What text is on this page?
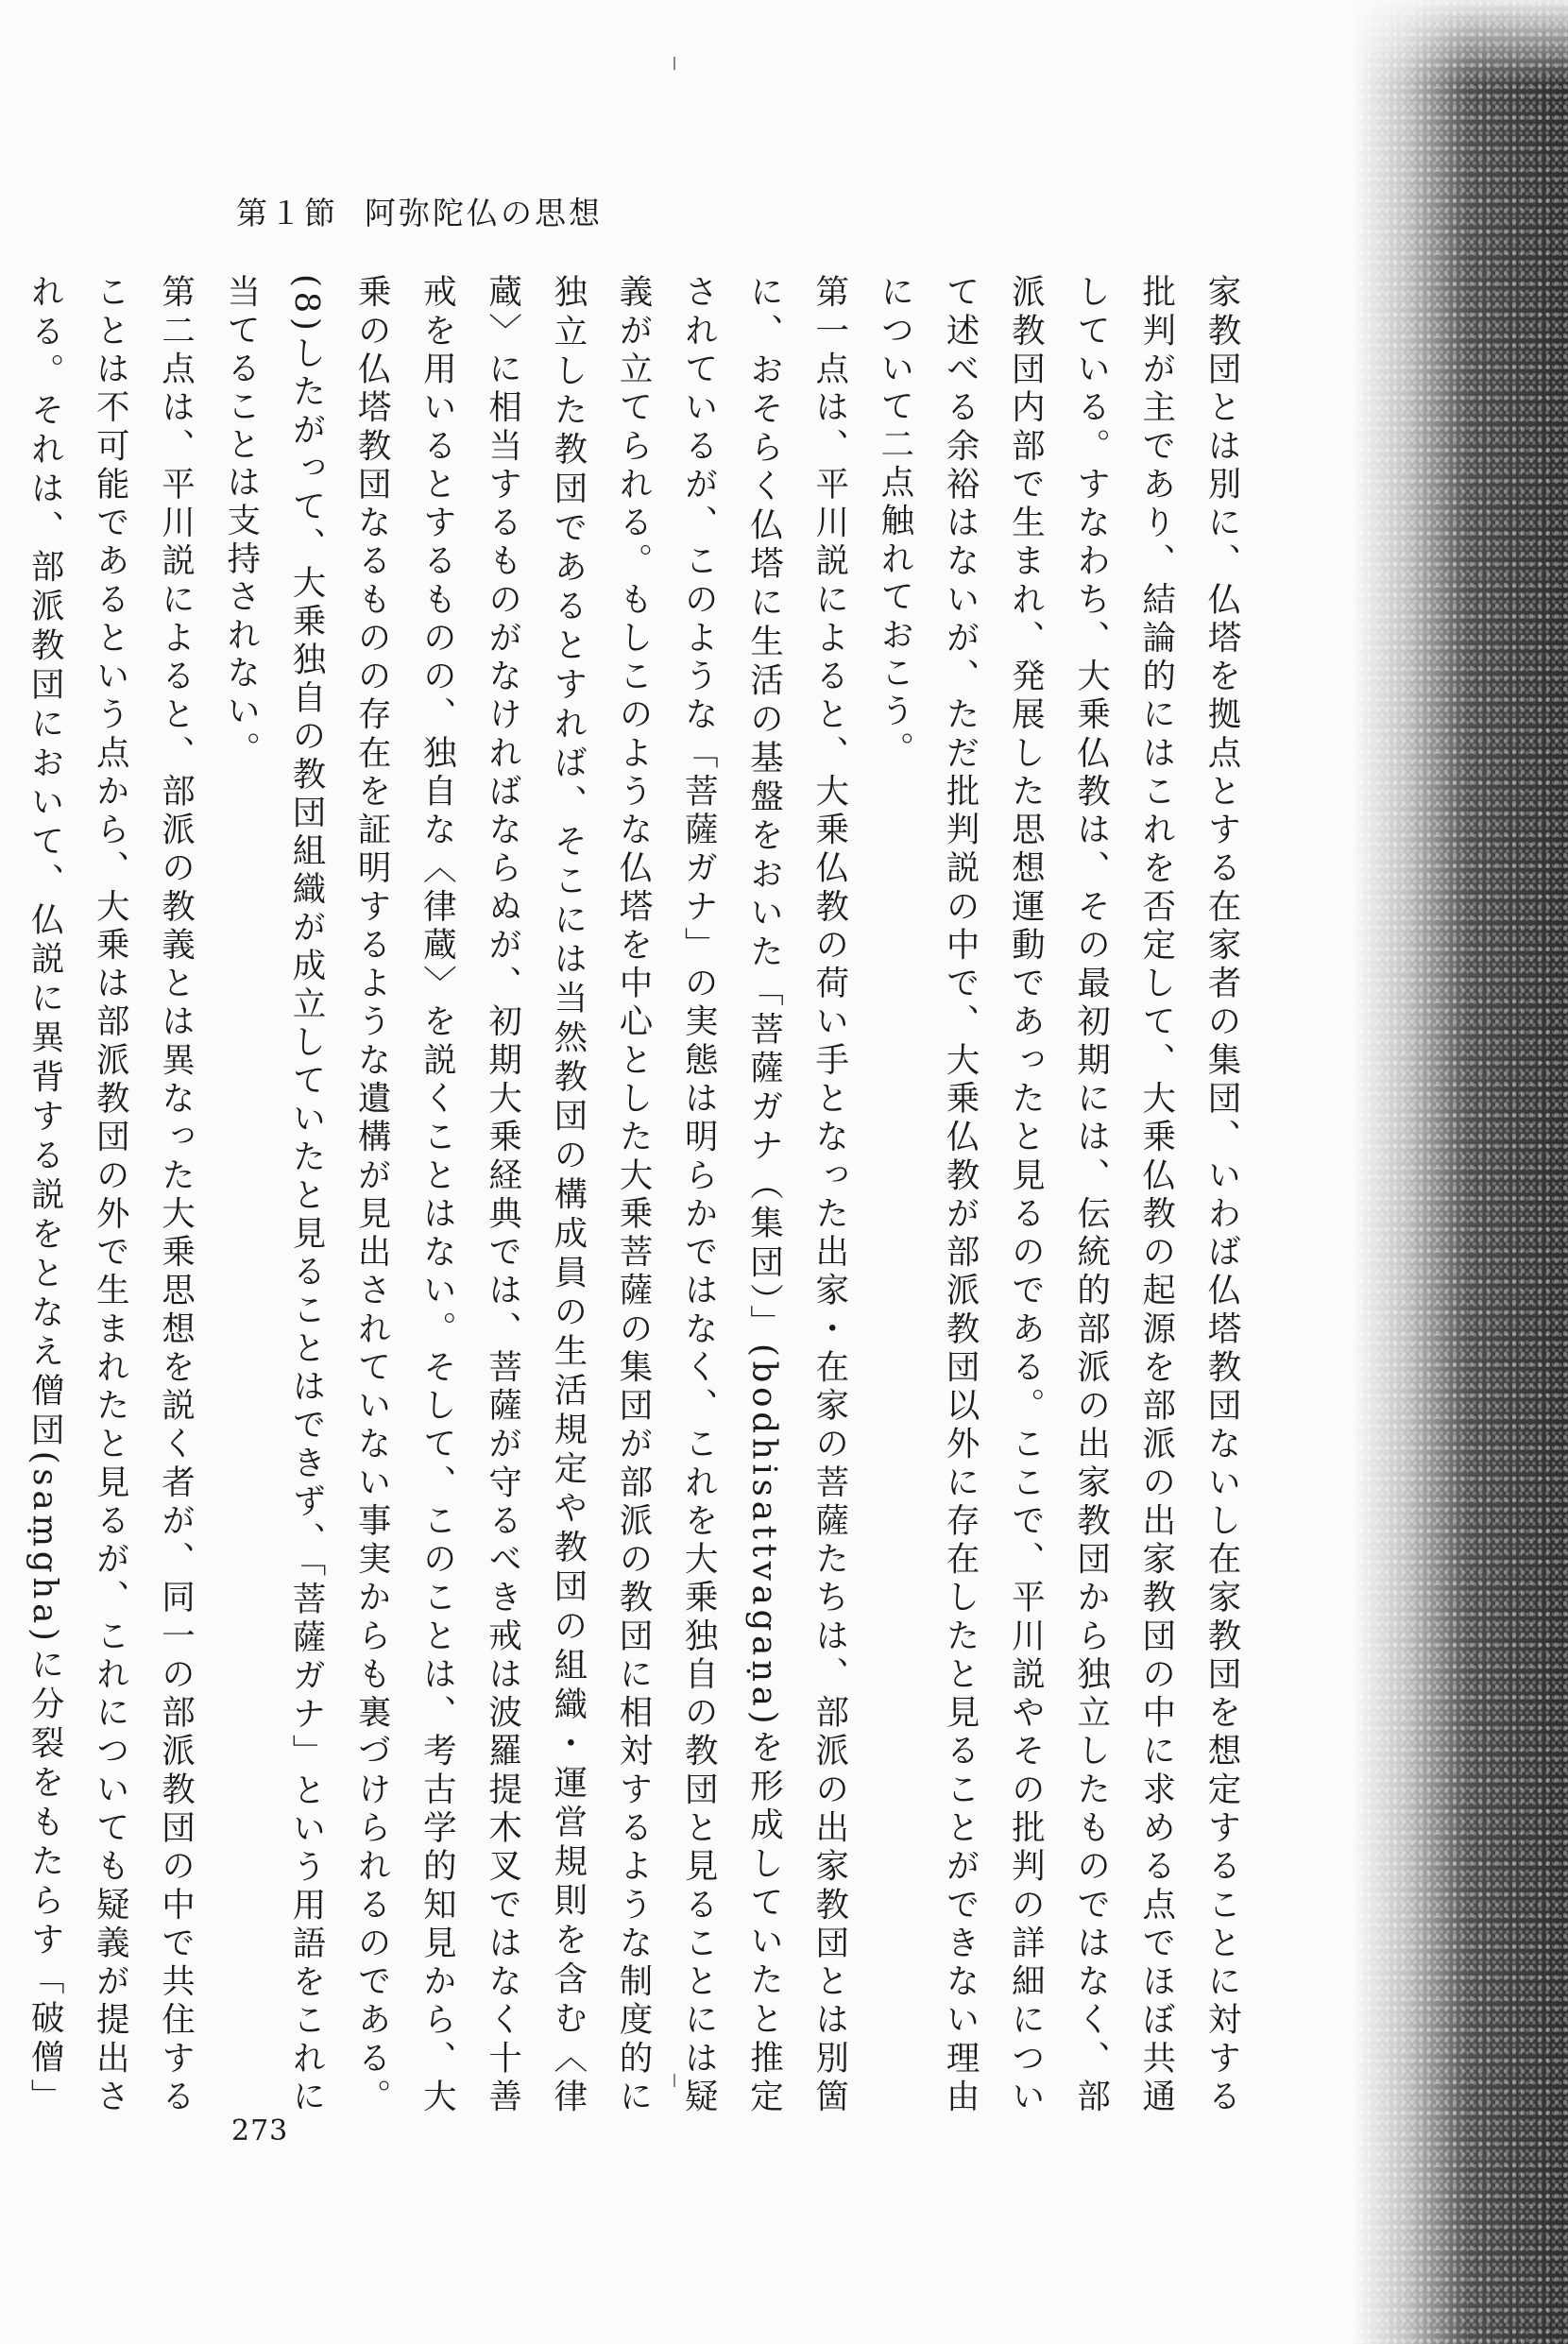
第１節 阿弥陀仏の思想

家教団とは別に、仏塔を拠点とする在家者の集団、いわば仏塔教団ないし在家教団を想定することに対する批判が主であり、結論的にはこれを否定して、大乗仏教の起源を部派の出家教団の中に求める点でほぼ共通している。すなわち、大乗仏教は、その最初期には、伝統的部派の出家教団から独立したものではなく、部派教団内部で生まれ、発展した思想運動であったと見るのである。ここで、平川説やその批判の詳細について述べる余裕はないが、ただ批判説の中で、大乗仏教が部派教団以外に存在したと見ることができない理由について二点触れておこう。

第一点は、平川説によると、大乗仏教の荷い手となった出家・在家の菩薩たちは、部派の出家教団とは別箇に、おそらく仏塔に生活の基盤をおいた「菩薩ガナ（集団）」(bodhisattvagaṇa)を形成していたと推定されているが、このような「菩薩ガナ」の実態は明らかではなく、これを大乗独自の教団と見ることには疑義が立てられる。もしこのような仏塔を中心とした大乗菩薩の集団が部派の教団に相対するような制度的に独立した教団であるとすれば、そこには当然教団の構成員の生活規定や教団の組織・運営規則を含む〈律蔵〉に相当するものがなければならぬが、初期大乗経典では、菩薩が守るべき戒は波羅提木叉ではなく十善戒を用いるとするものの、独自な〈律蔵〉を説くことはない。そして、このことは、考古学的知見から、大乗の仏塔教団なるものの存在を証明するような遺構が見出されていない事実からも裏づけられるのである。(8)したがって、大乗独自の教団組織が成立していたと見ることはできず、「菩薩ガナ」という用語をこれに当てることは支持されない。

第二点は、平川説によると、部派の教義とは異なった大乗思想を説く者が、同一の部派教団の中で共住することは不可能であるという点から、大乗は部派教団の外で生まれたと見るが、これについても疑義が提出される。それは、部派教団において、仏説に異背する説をとなえ僧団(saṃgha)に分裂をもたらす「破僧」

273
